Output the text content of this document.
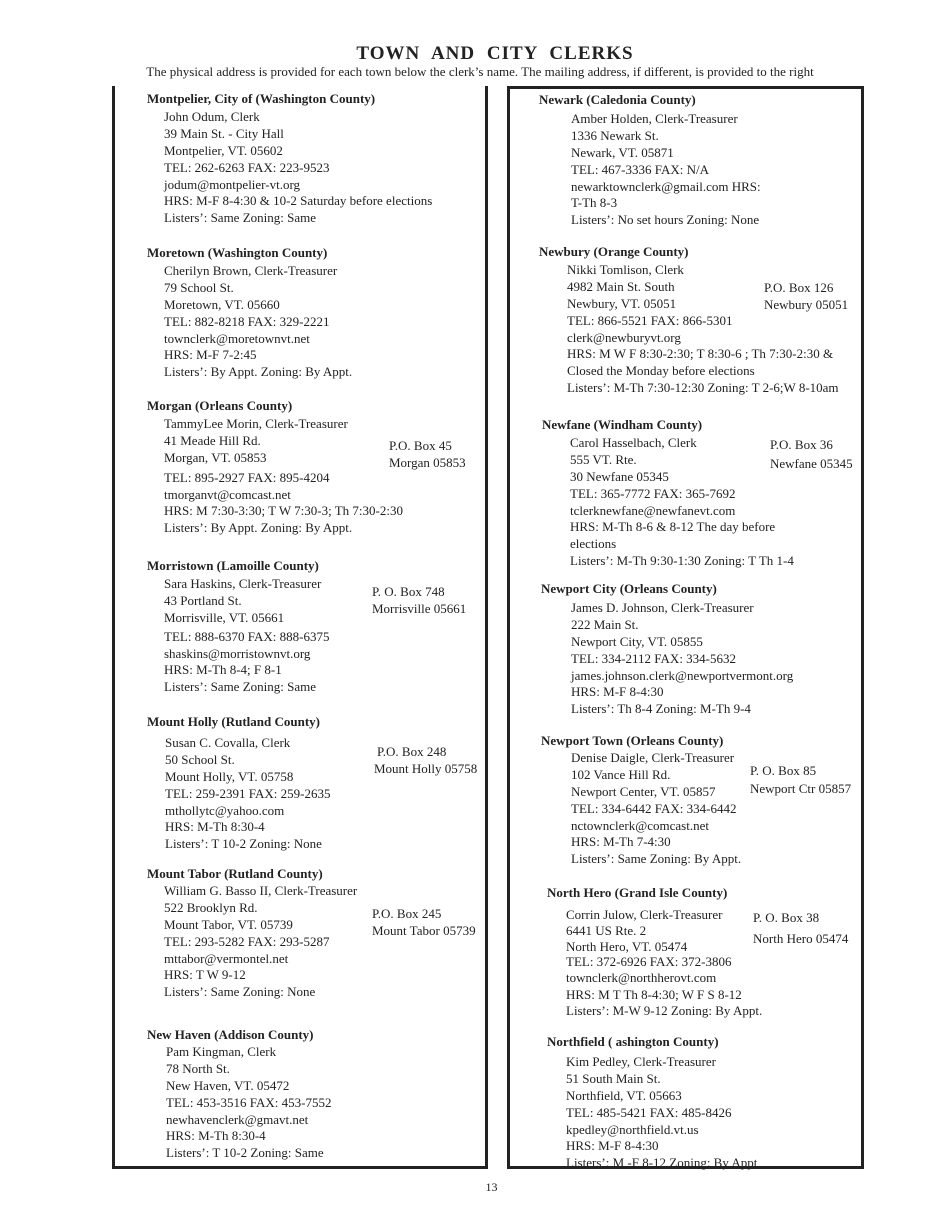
TOWN AND CITY CLERKS
The physical address is provided for each town below the clerk’s name. The mailing address, if different, is provided to the right
Montpelier, City of (Washington County)
John Odum, Clerk
39 Main St. - City Hall
Montpelier, VT. 05602
TEL: 262-6263 FAX: 223-9523
jodum@montpelier-vt.org
HRS: M-F 8-4:30 & 10-2 Saturday before elections
Listers’: Same Zoning: Same
Moretown (Washington County)
Cherilyn Brown, Clerk-Treasurer
79 School St.
Moretown, VT. 05660
TEL: 882-8218 FAX: 329-2221
townclerk@moretownvt.net
HRS: M-F 7-2:45
Listers’: By Appt. Zoning: By Appt.
Morgan (Orleans County)
TammyLee Morin, Clerk-Treasurer
41 Meade Hill Rd.
Morgan, VT. 05853
TEL: 895-2927 FAX: 895-4204
tmorganvt@comcast.net
HRS: M 7:30-3:30; T W 7:30-3; Th 7:30-2:30
Listers’: By Appt. Zoning: By Appt.
P.O. Box 45
Morgan 05853
Morristown (Lamoille County)
Sara Haskins, Clerk-Treasurer
43 Portland St.
Morrisville, VT. 05661
TEL: 888-6370 FAX: 888-6375
shaskins@morristownvt.org
HRS: M-Th 8-4; F 8-1
Listers’: Same Zoning: Same
P. O. Box 748
Morrisville 05661
Mount Holly (Rutland County)
Susan C. Covalla, Clerk
50 School St.
Mount Holly, VT. 05758
TEL: 259-2391 FAX: 259-2635
mthollytc@yahoo.com
HRS: M-Th 8:30-4
Listers’: T 10-2 Zoning: None
P.O. Box 248
Mount Holly 05758
Mount Tabor (Rutland County)
William G. Basso II, Clerk-Treasurer
522 Brooklyn Rd.
Mount Tabor, VT. 05739
TEL: 293-5282 FAX: 293-5287
mttabor@vermontel.net
HRS: T W 9-12
Listers’: Same Zoning: None
P.O. Box 245
Mount Tabor 05739
New Haven (Addison County)
Pam Kingman, Clerk
78 North St.
New Haven, VT. 05472
TEL: 453-3516 FAX: 453-7552
newhavenclerk@gmavt.net
HRS: M-Th 8:30-4
Listers’: T 10-2 Zoning: Same
Newark (Caledonia County)
Amber Holden, Clerk-Treasurer
1336 Newark St.
Newark, VT. 05871
TEL: 467-3336 FAX: N/A
newarktownclerk@gmail.com HRS:
T-Th 8-3
Listers’: No set hours Zoning: None
Newbury (Orange County)
Nikki Tomlison, Clerk
4982 Main St. South
Newbury, VT. 05051
TEL: 866-5521 FAX: 866-5301
clerk@newburyvt.org
HRS: M W F 8:30-2:30; T 8:30-6 ; Th 7:30-2:30 &
Closed the Monday before elections
Listers’: M-Th 7:30-12:30 Zoning: T 2-6;W 8-10am
P.O. Box 126
Newbury 05051
Newfane (Windham County)
Carol Hasselbach, Clerk
555 VT. Rte.
30 Newfane 05345
TEL: 365-7772 FAX: 365-7692
tclerknewfane@newfanevt.com
HRS: M-Th 8-6 & 8-12 The day before
elections
Listers’: M-Th 9:30-1:30 Zoning: T Th 1-4
P.O. Box 36
Newfane 05345
Newport City (Orleans County)
James D. Johnson, Clerk-Treasurer
222 Main St.
Newport City, VT. 05855
TEL: 334-2112 FAX: 334-5632
james.johnson.clerk@newportvermont.org
HRS: M-F 8-4:30
Listers’: Th 8-4 Zoning: M-Th 9-4
Newport Town (Orleans County)
Denise Daigle, Clerk-Treasurer
102 Vance Hill Rd.
Newport Center, VT. 05857
TEL: 334-6442 FAX: 334-6442
nctownclerk@comcast.net
HRS: M-Th 7-4:30
Listers’: Same Zoning: By Appt.
P. O. Box 85
Newport Ctr 05857
North Hero (Grand Isle County)
Corrin Julow, Clerk-Treasurer
6441 US Rte. 2
North Hero, VT. 05474
TEL: 372-6926 FAX: 372-3806
townclerk@northherovt.com
HRS: M T Th 8-4:30; W F S 8-12
Listers’: M-W 9-12 Zoning: By Appt.
P. O. Box 38
North Hero 05474
Northfield ( ashington County)
Kim Pedley, Clerk-Treasurer
51 South Main St.
Northfield, VT. 05663
TEL: 485-5421 FAX: 485-8426
kpedley@northfield.vt.us
HRS: M-F 8-4:30
Listers’: M -F 8-12 Zoning: By Appt
13
